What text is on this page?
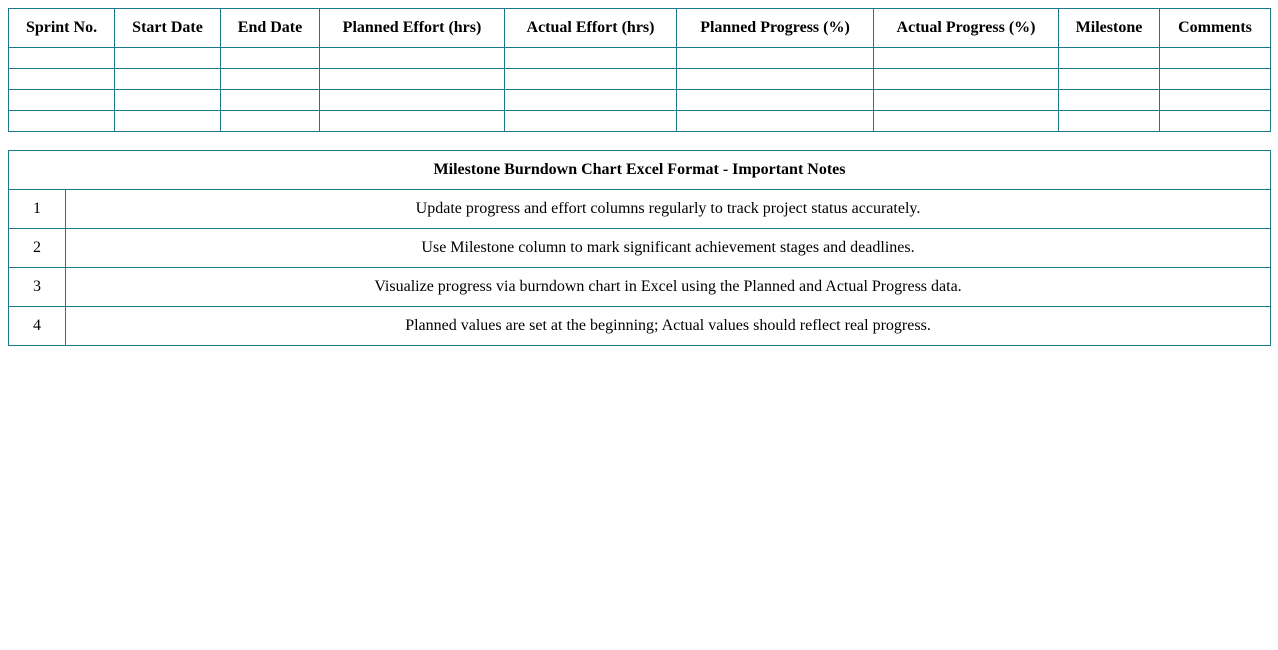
Sprint No.	Start Date	End Date	Planned Effort (hrs)	Actual Effort (hrs)	Planned Progress (%)	Actual Progress (%)	Milestone	Comments

Milestone Burndown Chart Excel Format - Important Notes	
1	Update progress and effort columns regularly to track project status accurately.
2	Use Milestone column to mark significant achievement stages and deadlines.
3	Visualize progress via burndown chart in Excel using the Planned and Actual Progress data.
4	Planned values are set at the beginning; Actual values should reflect real progress.
